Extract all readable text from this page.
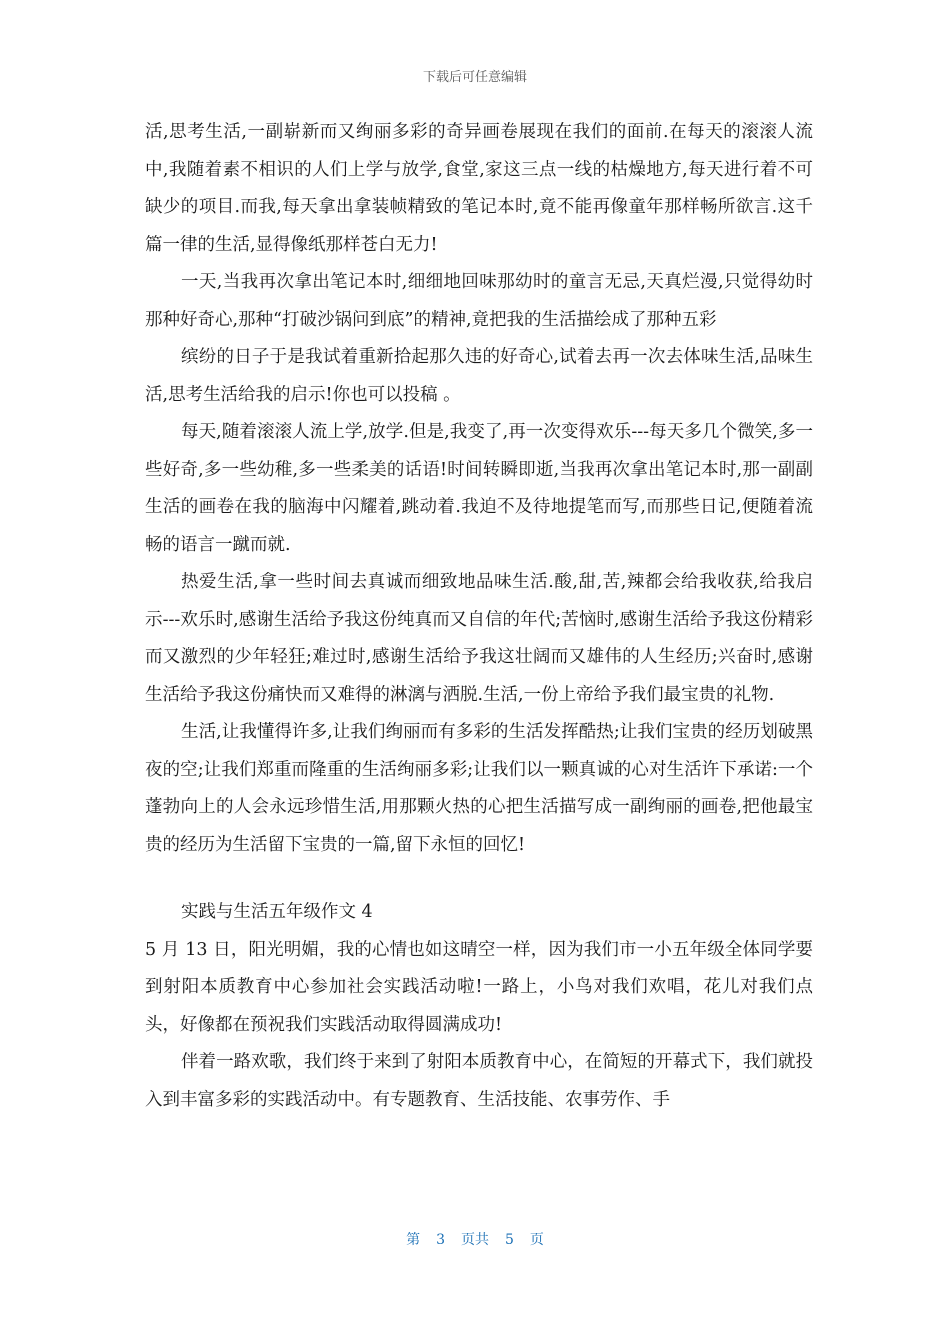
下载后可任意编辑

活,思考生活,一副崭新而又绚丽多彩的奇异画卷展现在我们的面前.在每天的滚滚人流中,我随着素不相识的人们上学与放学,食堂,家这三点一线的枯燥地方,每天进行着不可缺少的项目.而我,每天拿出拿装帧精致的笔记本时,竟不能再像童年那样畅所欲言.这千篇一律的生活,显得像纸那样苍白无力!

一天,当我再次拿出笔记本时,细细地回味那幼时的童言无忌,天真烂漫,只觉得幼时那种好奇心,那种“打破沙锅问到底”的精神,竟把我的生活描绘成了那种五彩

缤纷的日子于是我试着重新拾起那久违的好奇心,试着去再一次去体味生活,品味生活,思考生活给我的启示!你也可以投稿 。

每天,随着滚滚人流上学,放学.但是,我变了,再一次变得欢乐---每天多几个微笑,多一些好奇,多一些幼稚,多一些柔美的话语!时间转瞬即逝,当我再次拿出笔记本时,那一副副生活的画卷在我的脑海中闪耀着,跳动着.我迫不及待地提笔而写,而那些日记,便随着流畅的语言一蹴而就.

热爱生活,拿一些时间去真诚而细致地品味生活.酸,甜,苦,辣都会给我收获,给我启示---欢乐时,感谢生活给予我这份纯真而又自信的年代;苦恼时,感谢生活给予我这份精彩而又激烈的少年轻狂;难过时,感谢生活给予我这壮阔而又雄伟的人生经历;兴奋时,感谢生活给予我这份痛快而又难得的淋漓与洒脱.生活,一份上帝给予我们最宝贵的礼物.

生活,让我懂得许多,让我们绚丽而有多彩的生活发挥酷热;让我们宝贵的经历划破黑夜的空;让我们郑重而隆重的生活绚丽多彩;让我们以一颗真诚的心对生活许下承诺:一个蓬勃向上的人会永远珍惜生活,用那颗火热的心把生活描写成一副绚丽的画卷,把他最宝贵的经历为生活留下宝贵的一篇,留下永恒的回忆!

实践与生活五年级作文 4

5 月 13 日，阳光明媚，我的心情也如这晴空一样，因为我们市一小五年级全体同学要到射阳本质教育中心参加社会实践活动啦!一路上，小鸟对我们欢唱，花儿对我们点头，好像都在预祝我们实践活动取得圆满成功!

伴着一路欢歌，我们终于来到了射阳本质教育中心，在简短的开幕式下，我们就投入到丰富多彩的实践活动中。有专题教育、生活技能、农事劳作、手

第 3 页共 5 页
